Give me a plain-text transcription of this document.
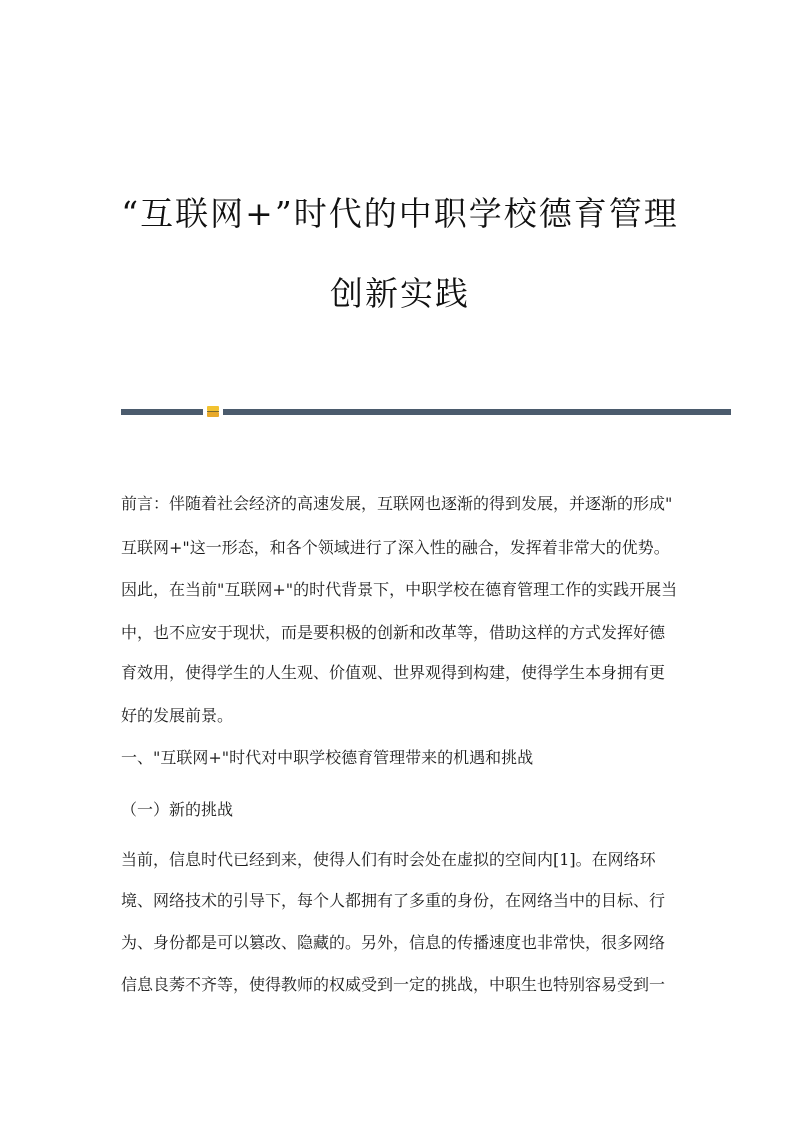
“互联网+”时代的中职学校德育管理
创新实践
前言：伴随着社会经济的高速发展，互联网也逐渐的得到发展，并逐渐的形成"
互联网+"这一形态，和各个领域进行了深入性的融合，发挥着非常大的优势。
因此，在当前"互联网+"的时代背景下，中职学校在德育管理工作的实践开展当
中，也不应安于现状，而是要积极的创新和改革等，借助这样的方式发挥好德
育效用，使得学生的人生观、价值观、世界观得到构建，使得学生本身拥有更
好的发展前景。
一、"互联网+"时代对中职学校德育管理带来的机遇和挑战
（一）新的挑战
当前，信息时代已经到来，使得人们有时会处在虚拟的空间内[1]。在网络环
境、网络技术的引导下，每个人都拥有了多重的身份，在网络当中的目标、行
为、身份都是可以篡改、隐藏的。另外，信息的传播速度也非常快，很多网络
信息良莠不齐等，使得教师的权威受到一定的挑战，中职生也特别容易受到一
